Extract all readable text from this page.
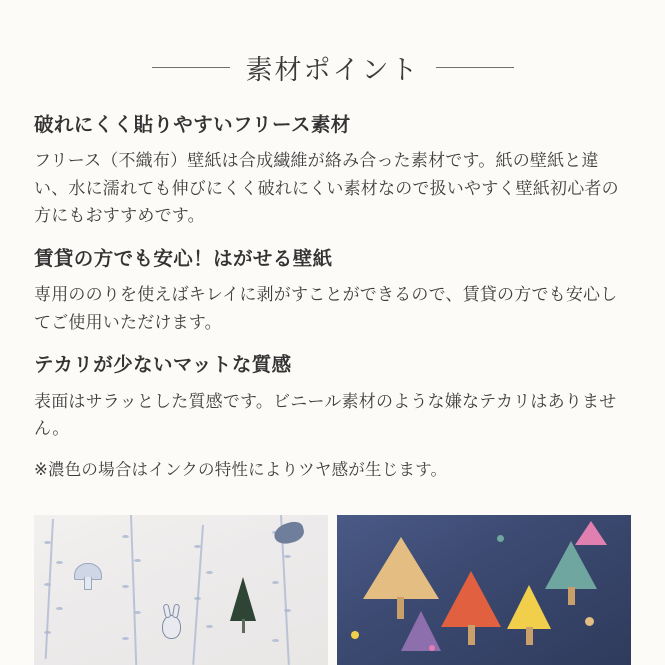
素材ポイント
破れにくく貼りやすいフリース素材

フリース（不織布）壁紙は合成繊維が絡み合った素材です。紙の壁紙と違い、水に濡れても伸びにくく破れにくい素材なので扱いやすく壁紙初心者の方にもおすすめです。

賃貸の方でも安心！はがせる壁紙

専用ののりを使えばキレイに剥がすことができるので、賃貸の方でも安心してご使用いただけます。

テカリが少ないマットな質感

表面はサラッとした質感です。ビニール素材のような嫌なテカリはありません。

※濃色の場合はインクの特性によりツヤ感が生じます。
